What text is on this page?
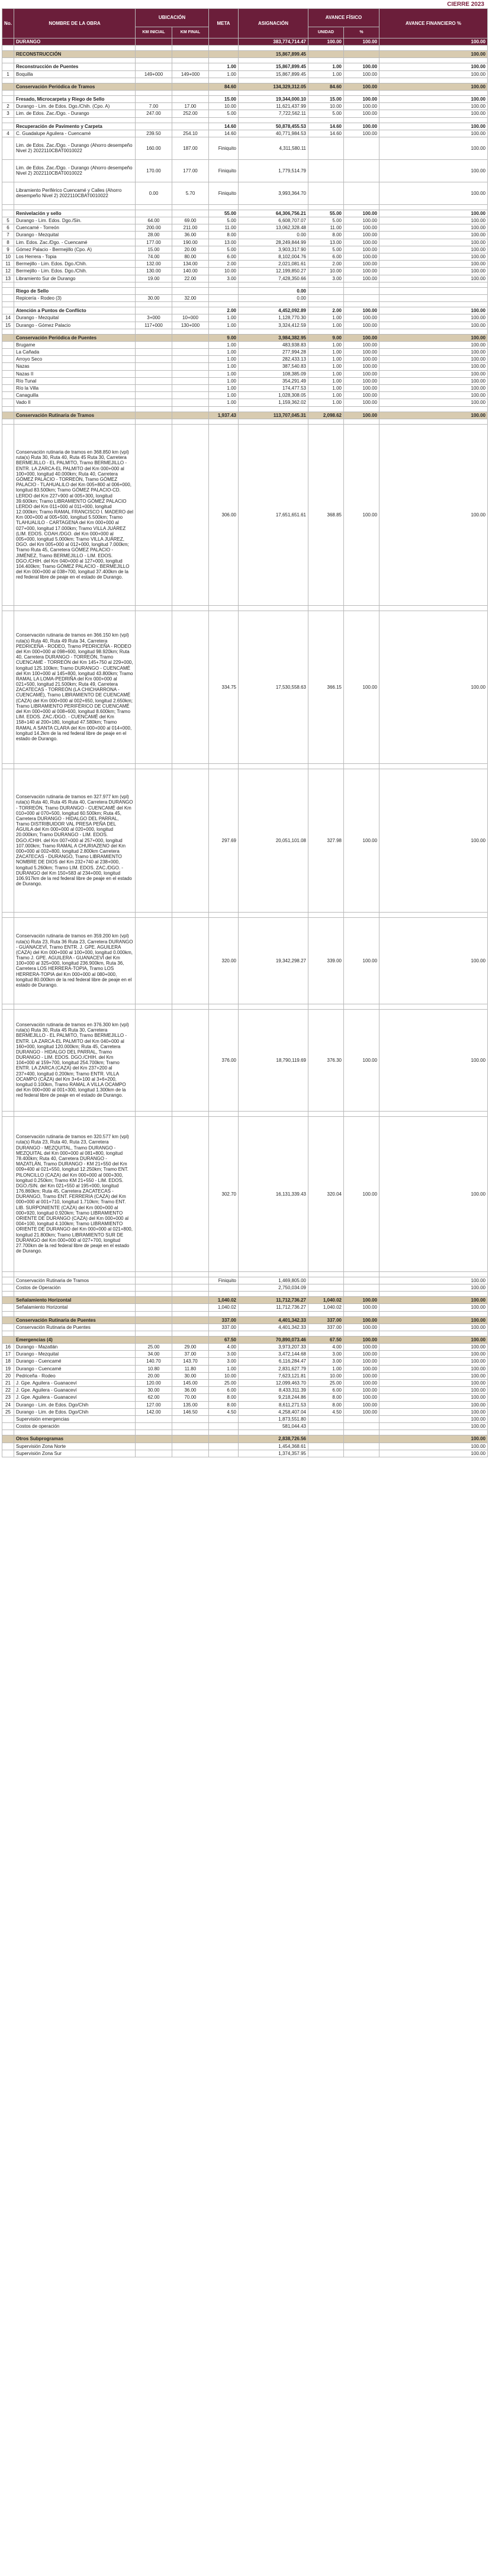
CIERRE 2023
No.	NOMBRE DE LA OBRA	UBICACIÓN		META	ASIGNACIÓN	AVANCE FÍSICO		AVANCE FINANCIERO %
		KM INICIAL	KM FINAL			UNIDAD	%	
	DURANGO				383,774,714.47	100.00	100.00	100.00

	RECONSTRUCCIÓN				15,867,899.45			100.00

	Reconstrucción de Puentes			1.00	15,867,899.45	1.00	100.00	100.00
1	Boquilla	149+000	149+000	1.00	15,867,899.45	1.00	100.00	100.00

	Conservación Periódica de Tramos			84.60	134,329,312.05	84.60	100.00	100.00

	Fresado, Microcarpeta y Riego de Sello			15.00	19,344,000.10	15.00	100.00	100.00
2	Durango - Lim. de Edos. Dgo./Chih. (Cpo. A)	7.00	17.00	10.00	11,621,437.99	10.00	100.00	100.00
3	Lim. de Edos. Zac./Dgo. - Durango	247.00	252.00	5.00	7,722,562.11	5.00	100.00	100.00

	Recuperación de Pavimento y Carpeta			14.60	50,878,455.53	14.60	100.00	100.00
4	C. Guadalupe Aguilera - Cuencamé	239.50	254.10	14.60	40,771,984.53	14.60	100.00	100.00
	Lim. de Edos. Zac./Dgo. - Durango (Ahorro desempeño Nivel 2) 2022110CBAT0010022	160.00	187.00	Finiquito	4,311,580.11			100.00
	Lim. de Edos. Zac./Dgo. - Durango (Ahorro desempeño Nivel 2) 2022110CBAT0010022	170.00	177.00	Finiquito	1,779,514.79			100.00
	Libramiento Periférico Cuencamé y Calles (Ahorro desempeño Nivel 2) 2022110CBAT0010022	0.00	5.70	Finiquito	3,993,364.70			100.00

	Renivelación y sello			55.00	64,306,756.21	55.00	100.00	100.00
5	Durango - Lim. Edos. Dgo./Sin.	64.00	69.00	5.00	6,608,707.07	5.00	100.00	100.00
6	Cuencamé - Torreón	200.00	211.00	11.00	13,062,328.48	11.00	100.00	100.00
7	Durango - Mezquital	28.00	36.00	8.00	0.00	8.00	100.00	100.00
8	Lim. Edos. Zac./Dgo. - Cuencamé	177.00	190.00	13.00	28,249,844.99	13.00	100.00	100.00
9	Gómez Palacio - Bermejillo (Cpo. A)	15.00	20.00	5.00	3,903,317.90	5.00	100.00	100.00
10	Los Herrera - Topia	74.00	80.00	6.00	8,102,004.76	6.00	100.00	100.00
11	Bermejillo - Lim. Edos. Dgo./Chih.	132.00	134.00	2.00	2,021,081.61	2.00	100.00	100.00
12	Bermejillo - Lim. Edos. Dgo./Chih.	130.00	140.00	10.00	12,199,850.27	10.00	100.00	100.00
13	Libramiento Sur de Durango	19.00	22.00	3.00	7,428,350.66	3.00	100.00	100.00

	Riego de Sello				0.00			
	Repicería - Rodeo (3)	30.00	32.00		0.00			

	Atención a Puntos de Conflicto			2.00	4,452,092.89	2.00	100.00	100.00
14	Durango - Mezquital	3+000	10+000	1.00	1,128,770.30	1.00	100.00	100.00
15	Durango - Gómez Palacio	117+000	130+000	1.00	3,324,412.59	1.00	100.00	100.00

	Conservación Periódica de Puentes			9.00	3,984,382.95	9.00	100.00	100.00
	Brugame			1.00	483,938.83	1.00	100.00	100.00
	La Cañada			1.00	277,994.28	1.00	100.00	100.00
	Arroyo Seco			1.00	282,433.13	1.00	100.00	100.00
	Nazas			1.00	387,540.83	1.00	100.00	100.00
	Nazas II			1.00	108,385.09	1.00	100.00	100.00
	Río Tunal			1.00	354,291.49	1.00	100.00	100.00
	Río la Villa			1.00	174,477.53	1.00	100.00	100.00
	Canaguilla			1.00	1,028,308.05	1.00	100.00	100.00
	Vado II			1.00	1,159,362.02	1.00	100.00	100.00

	Conservación Rutinaria de Tramos			1,937.43	113,707,045.31	2,098.62	100.00	100.00

	Conservación rutinaria de tramos en 368.850 km (vpl) ruta(s) Ruta 30, Ruta 40, Ruta 45 Ruta 30, Carretera BERMEJILLO - EL PALMITO, Tramo BERMEJILLO - ENTR. LA ZARCA-EL PALMITO del Km 000+000 al 100+000, longitud 40.000km; Ruta 40, Carretera GÓMEZ PALACIO - TORREÓN, Tramo GÓMEZ PALACIO - TLAHUALILO del Km 005+800 al 006+000, longitud 83.500km; Tramo GÓMEZ PALACIO-CD. LERDO del Km 227+900 al 005+300, longitud 39.600km; Tramo LIBRAMIENTO GÓMEZ PALACIO LERDO del Km 011+000 al 011+000, longitud 12.000km; Tramo RAMAL FRANCISCO I. MADERO del Km 000+000 al 005+500, longitud 5.500km; Tramo TLAHUALILO - CARTAGENA del Km 000+000 al 027+000, longitud 17.000km; Tramo VILLA JUÁREZ (LIM. EDOS. COAH./DGO. del Km 000+000 al 005+000, longitud 5.000km; Tramo VILLA JUÁREZ, DGO. del Km 005+000 al 012+000, longitud 7.000km; Tramo Ruta 45, Carretera GÓMEZ PALACIO - JIMÉNEZ, Tramo BERMEJILLO - LIM. EDOS. DGO./CHIH. del Km 040+000 al 127+000, longitud 104.400km; Tramo GÓMEZ PALACIO - BERMEJILLO del Km 000+000 al 038+700, longitud 37.400km de la red federal libre de peaje en el estado de Durango.			306.00	17,651,651.61	368.85	100.00	100.00

	Conservación rutinaria de tramos en 366.150 km (vpl) ruta(s) Ruta 40, Ruta 49 Ruta 34, Carretera PEDRICEÑA - RODEO, Tramo PEDRICEÑA - RODEO del Km 000+000 al 098+600, longitud 98.920km; Ruta 40, Carretera DURANGO - TORREÓN, Tramo CUENCAMÉ - TORREÓN del Km 145+750 al 229+000, longitud 125.100km; Tramo DURANGO - CUENCAMÉ del Km 100+000 al 145+800, longitud 43.800km; Tramo RAMAL LA LOMA-PEDRIÑA del Km 000+000 al 021+500, longitud 21.500km; Ruta 49, Carretera ZACATECAS - TORREÓN (LA CHICHARRONA - CUENCAMÉ), Tramo LIBRAMIENTO DE CUENCAMÉ (CAZA) del Km 000+000 al 002+650, longitud 2.650km; Tramo LIBRAMIENTO PERIFÉRICO DE CUENCAMÉ del Km 000+000 al 008+600, longitud 8.600km; Tramo LIM. EDOS. ZAC./DGO. - CUENCAMÉ del Km 158+140 al 200+180, longitud 47.580km; Tramo RAMAL A SANTA CLARA del Km 000+000 al 014+000, longitud 14.2km de la red federal libre de peaje en el estado de Durango.			334.75	17,530,558.63	366.15	100.00	100.00

	Conservación rutinaria de tramos en 327.977 km (vpl) ruta(s) Ruta 40, Ruta 45 Ruta 40, Carretera DURANGO - TORREÓN, Tramo DURANGO - CUENCAMÉ del Km 010+000 al 070+500, longitud 60.500km; Ruta 45, Carretera DURANGO - HIDALGO DEL PARRAL, Tramo DISTRIBUIDOR VAL PRESA PEÑA DEL ÁGUILA del Km 000+000 al 020+000, longitud 20.000km; Tramo DURANGO - LIM. EDOS. DGO./CHIH. del Km 007+000 al 257+000, longitud 107.000km; Tramo RAMAL A CHURIAZENO del Km 000+000 al 002+800, longitud 2.800km Carretera ZACATECAS - DURANGO, Tramo LIBRAMIENTO NOMBRE DE DIOS del Km 232+740 al 238+000, longitud 5.260km; Tramo LIM. EDOS. ZAC./DGO. - DURANGO del Km 150+583 al 234+000, longitud 106.917km de la red federal libre de peaje en el estado de Durango.			297.69	20,051,101.08	327.98	100.00	100.00

	Conservación rutinaria de tramos en 359.200 km (vpl) ruta(s) Ruta 23, Ruta 36 Ruta 23, Carretera DURANGO - GUANACEVÍ, Tramo ENTR. J. GPE. AGUILERA (CAZA) del Km 000+000 al 100+000, longitud 0.000km, Tramo J. GPE. AGUILERA - GUANACEVÍ del Km 100+000 al 325+000, longitud 236.900km, Ruta 36, Carretera LOS HERRERA-TOPIA, Tramo LOS HERRERA-TOPIA del Km 000+000 al 080+000, longitud 80.000km de la red federal libre de peaje en el estado de Durango.			320.00	19,342,298.27	339.00	100.00	100.00

	Conservación rutinaria de tramos en 376.300 km (vpl) ruta(s) Ruta 30, Ruta 45 Ruta 30, Carretera BERMEJILLO - EL PALMITO, Tramo BERMEJILLO - ENTR. LA ZARCA-EL PALMITO del Km 040+000 al 160+000, longitud 120.000km; Ruta 45, Carretera DURANGO - HIDALGO DEL PARRAL, Tramo DURANGO - LIM. EDOS. DGO./CHIH. del Km 104+000 al 159+700, longitud 254.700km; Tramo ENTR. LA ZARCA (CAZA) del Km 237+200 al 237+400, longitud 0.200km; Tramo ENTR. VILLA OCAMPO (CAZA) del Km 3+6+100 al 3+6+200, longitud 0.100km, Tramo RAMAL A VILLA OCAMPO del Km 000+000 al 001+300, longitud 1.300km de la red federal libre de peaje en el estado de Durango.			376.00	18,790,119.69	376.30	100.00	100.00

	Conservación rutinaria de tramos en 320.577 km (vpl) ruta(s) Ruta 23, Ruta 40, Ruta 23, Carretera DURANGO - MEZQUITAL, Tramo DURANGO - MEZQUITAL del Km 000+000 al 081+800, longitud 78.400km; Ruta 40, Carretera DURANGO - MAZATLÁN, Tramo DURANGO - KM 21+550 del Km 009+400 al 021+550, longitud 12.250km; Tramo ENT. PILONCILLO (CAZA) del Km 000+000 al 000+300, longitud 0.250km; Tramo KM 21+550 - LIM. EDOS. DGO./SIN. del Km 021+550 al 195+000, longitud 176.860km; Ruta 45, Carretera ZACATECAS - DURANGO, Tramo ENT. FERRERIA (CAZA) del Km 000+000 al 001+710, longitud 1.710km; Tramo ENT. LIB. SURPONIENTE (CAZA) del Km 000+000 al 000+920, longitud 0.920km; Tramo LIBRAMIENTO ORIENTE DE DURANGO (CAZA) del Km 000+000 al 004+100, longitud 4.100km; Tramo LIBRAMIENTO ORIENTE DE DURANGO del Km 000+000 al 021+800, longitud 21.800km; Tramo LIBRAMIENTO SUR DE DURANGO del Km 000+000 al 027+700, longitud 27.700km de la red federal libre de peaje en el estado de Durango.			302.70	16,131,339.43	320.04	100.00	100.00

	Conservación Rutinaria de Tramos			Finiquito	1,469,805.00			100.00
	Costos de Operación				2,750,034.09			100.00

	Señalamiento Horizontal			1,040.02	11,712,736.27	1,040.02	100.00	100.00
	Señalamiento Horizontal			1,040.02	11,712,736.27	1,040.02	100.00	100.00

	Conservación Rutinaria de Puentes			337.00	4,401,342.33	337.00	100.00	100.00
	Conservación Rutinaria de Puentes			337.00	4,401,342.33	337.00	100.00	100.00

	Emergencias (4)			67.50	70,890,073.46	67.50	100.00	100.00
16	Durango - Mazatlán	25.00	29.00	4.00	3,973,207.33	4.00	100.00	100.00
17	Durango - Mezquital	34.00	37.00	3.00	3,472,144.68	3.00	100.00	100.00
18	Durango - Cuencamé	140.70	143.70	3.00	6,116,284.47	3.00	100.00	100.00
19	Durango - Cuencamé	10.80	11.80	1.00	2,831,627.79	1.00	100.00	100.00
20	Pedriceña - Rodeo	20.00	30.00	10.00	7,623,121.81	10.00	100.00	100.00
21	J. Gpe. Aguilera - Guanaceví	120.00	145.00	25.00	12,099,463.70	25.00	100.00	100.00
22	J. Gpe. Aguilera - Guanaceví	30.00	36.00	6.00	8,433,311.39	6.00	100.00	100.00
23	J. Gpe. Aguilera - Guanaceví	62.00	70.00	8.00	9,218,244.86	8.00	100.00	100.00
24	Durango - Lim. de Edos. Dgo/Chih	127.00	135.00	8.00	8,611,271.53	8.00	100.00	100.00
25	Durango - Lim. de Edos. Dgo/Chih	142.00	146.50	4.50	4,258,407.04	4.50	100.00	100.00
	Supervisión emergencias				1,873,551.80			100.00
	Costos de operación				581,044.43			100.00

	Otros Subprogramas				2,838,726.56			100.00
	Supervisión Zona Norte				1,454,368.61			100.00
	Supervisión Zona Sur				1,374,357.95			100.00
